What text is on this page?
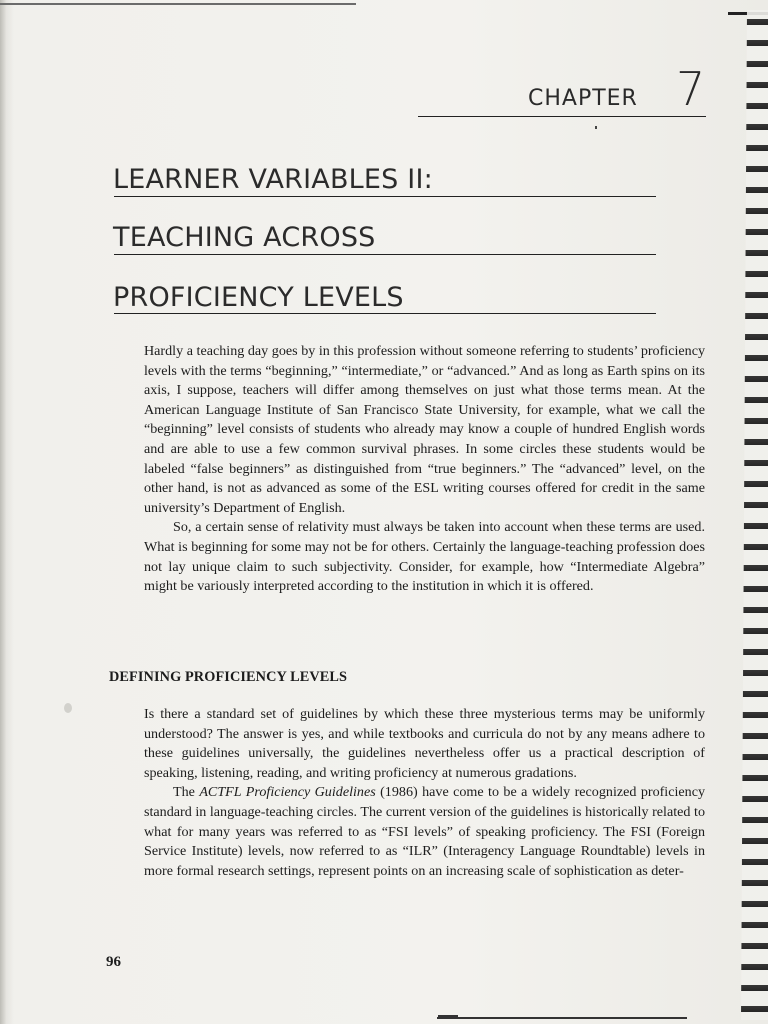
CHAPTER 7
LEARNER VARIABLES II:
TEACHING ACROSS
PROFICIENCY LEVELS

Hardly a teaching day goes by in this profession without someone referring to students’ proficiency levels with the terms “beginning,” “intermediate,” or “advanced.” And as long as Earth spins on its axis, I suppose, teachers will differ among themselves on just what those terms mean. At the American Language Institute of San Francisco State University, for example, what we call the “beginning” level consists of students who already may know a couple of hundred English words and are able to use a few common survival phrases. In some circles these students would be labeled “false beginners” as distinguished from “true beginners.” The “advanced” level, on the other hand, is not as advanced as some of the ESL writing courses offered for credit in the same university’s Department of English.

So, a certain sense of relativity must always be taken into account when these terms are used. What is beginning for some may not be for others. Certainly the language-teaching profession does not lay unique claim to such subjectivity. Consider, for example, how “Intermediate Algebra” might be variously interpreted according to the institution in which it is offered.

DEFINING PROFICIENCY LEVELS

Is there a standard set of guidelines by which these three mysterious terms may be uniformly understood? The answer is yes, and while textbooks and curricula do not by any means adhere to these guidelines universally, the guidelines nevertheless offer us a practical description of speaking, listening, reading, and writing proficiency at numerous gradations.

The ACTFL Proficiency Guidelines (1986) have come to be a widely recognized proficiency standard in language-teaching circles. The current version of the guidelines is historically related to what for many years was referred to as “FSI levels” of speaking proficiency. The FSI (Foreign Service Institute) levels, now referred to as “ILR” (Interagency Language Roundtable) levels in more formal research settings, represent points on an increasing scale of sophistication as deter-

96
